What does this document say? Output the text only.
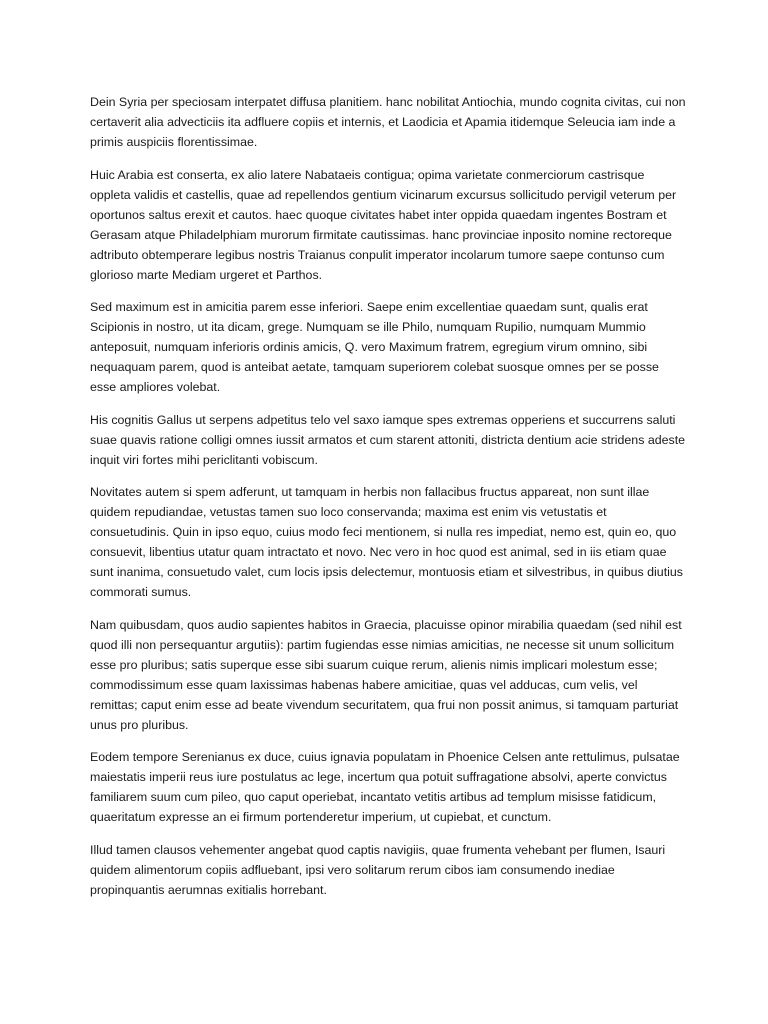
Dein Syria per speciosam interpatet diffusa planitiem. hanc nobilitat Antiochia, mundo cognita civitas, cui non certaverit alia advecticiis ita adfluere copiis et internis, et Laodicia et Apamia itidemque Seleucia iam inde a primis auspiciis florentissimae.

Huic Arabia est conserta, ex alio latere Nabataeis contigua; opima varietate conmerciorum castrisque oppleta validis et castellis, quae ad repellendos gentium vicinarum excursus sollicitudo pervigil veterum per oportunos saltus erexit et cautos. haec quoque civitates habet inter oppida quaedam ingentes Bostram et Gerasam atque Philadelphiam murorum firmitate cautissimas. hanc provinciae inposito nomine rectoreque adtributo obtemperare legibus nostris Traianus conpulit imperator incolarum tumore saepe contunso cum glorioso marte Mediam urgeret et Parthos.

Sed maximum est in amicitia parem esse inferiori. Saepe enim excellentiae quaedam sunt, qualis erat Scipionis in nostro, ut ita dicam, grege. Numquam se ille Philo, numquam Rupilio, numquam Mummio anteposuit, numquam inferioris ordinis amicis, Q. vero Maximum fratrem, egregium virum omnino, sibi nequaquam parem, quod is anteibat aetate, tamquam superiorem colebat suosque omnes per se posse esse ampliores volebat.

His cognitis Gallus ut serpens adpetitus telo vel saxo iamque spes extremas opperiens et succurrens saluti suae quavis ratione colligi omnes iussit armatos et cum starent attoniti, districta dentium acie stridens adeste inquit viri fortes mihi periclitanti vobiscum.

Novitates autem si spem adferunt, ut tamquam in herbis non fallacibus fructus appareat, non sunt illae quidem repudiandae, vetustas tamen suo loco conservanda; maxima est enim vis vetustatis et consuetudinis. Quin in ipso equo, cuius modo feci mentionem, si nulla res impediat, nemo est, quin eo, quo consuevit, libentius utatur quam intractato et novo. Nec vero in hoc quod est animal, sed in iis etiam quae sunt inanima, consuetudo valet, cum locis ipsis delectemur, montuosis etiam et silvestribus, in quibus diutius commorati sumus.

Nam quibusdam, quos audio sapientes habitos in Graecia, placuisse opinor mirabilia quaedam (sed nihil est quod illi non persequantur argutiis): partim fugiendas esse nimias amicitias, ne necesse sit unum sollicitum esse pro pluribus; satis superque esse sibi suarum cuique rerum, alienis nimis implicari molestum esse; commodissimum esse quam laxissimas habenas habere amicitiae, quas vel adducas, cum velis, vel remittas; caput enim esse ad beate vivendum securitatem, qua frui non possit animus, si tamquam parturiat unus pro pluribus.

Eodem tempore Serenianus ex duce, cuius ignavia populatam in Phoenice Celsen ante rettulimus, pulsatae maiestatis imperii reus iure postulatus ac lege, incertum qua potuit suffragatione absolvi, aperte convictus familiarem suum cum pileo, quo caput operiebat, incantato vetitis artibus ad templum misisse fatidicum, quaeritatum expresse an ei firmum portenderetur imperium, ut cupiebat, et cunctum.

Illud tamen clausos vehementer angebat quod captis navigiis, quae frumenta vehebant per flumen, Isauri quidem alimentorum copiis adfluebant, ipsi vero solitarum rerum cibos iam consumendo inediae propinquantis aerumnas exitialis horrebant.
